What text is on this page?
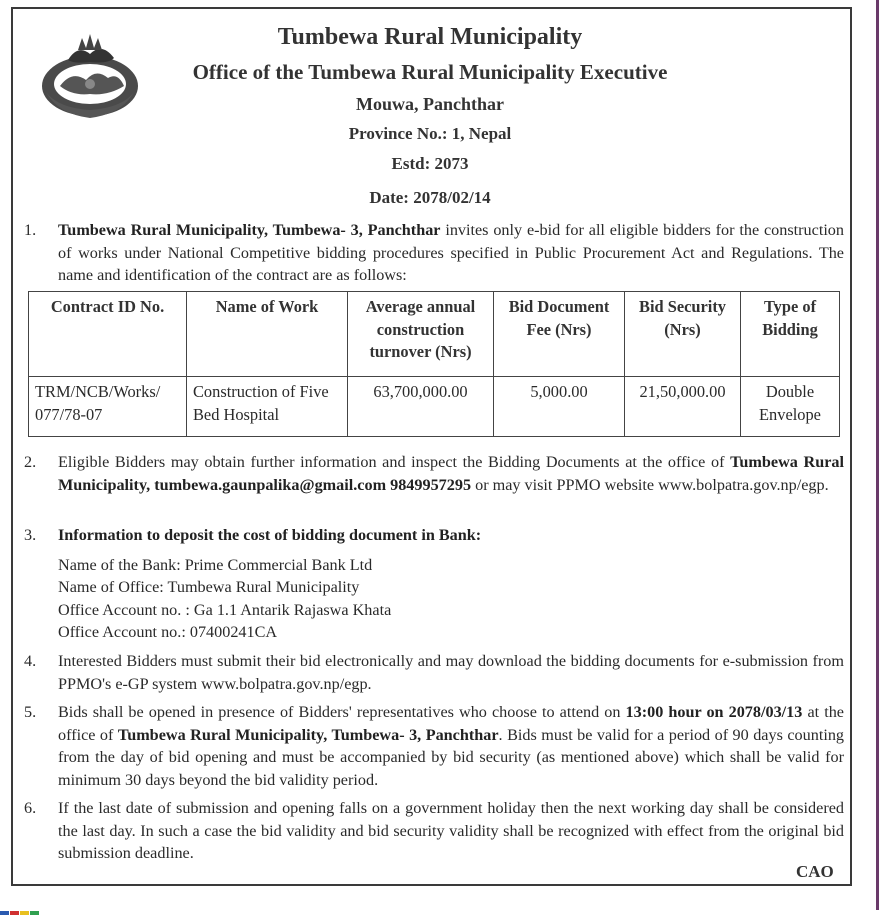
Tumbewa Rural Municipality
Office of the Tumbewa Rural Municipality Executive
Mouwa, Panchthar
Province No.: 1, Nepal
Estd: 2073
Date: 2078/02/14
1. Tumbewa Rural Municipality, Tumbewa- 3, Panchthar invites only e-bid for all eligible bidders for the construction of works under National Competitive bidding procedures specified in Public Procurement Act and Regulations. The name and identification of the contract are as follows:
Contract ID No.	Name of Work	Average annual construction turnover (Nrs)	Bid Document Fee (Nrs)	Bid Security (Nrs)	Type of Bidding
TRM/NCB/Works/ 077/78-07	Construction of Five Bed Hospital	63,700,000.00	5,000.00	21,50,000.00	Double Envelope
2. Eligible Bidders may obtain further information and inspect the Bidding Documents at the office of Tumbewa Rural Municipality, tumbewa.gaunpalika@gmail.com 9849957295 or may visit PPMO website www.bolpatra.gov.np/egp.
3. Information to deposit the cost of bidding document in Bank:
Name of the Bank: Prime Commercial Bank Ltd
Name of Office: Tumbewa Rural Municipality
Office Account no. : Ga 1.1 Antarik Rajaswa Khata
Office Account no.: 07400241CA
4. Interested Bidders must submit their bid electronically and may download the bidding documents for e-submission from PPMO's e-GP system www.bolpatra.gov.np/egp.
5. Bids shall be opened in presence of Bidders' representatives who choose to attend on 13:00 hour on 2078/03/13 at the office of Tumbewa Rural Municipality, Tumbewa- 3, Panchthar. Bids must be valid for a period of 90 days counting from the day of bid opening and must be accompanied by bid security (as mentioned above) which shall be valid for minimum 30 days beyond the bid validity period.
6. If the last date of submission and opening falls on a government holiday then the next working day shall be considered the last day. In such a case the bid validity and bid security validity shall be recognized with effect from the original bid submission deadline.
CAO
